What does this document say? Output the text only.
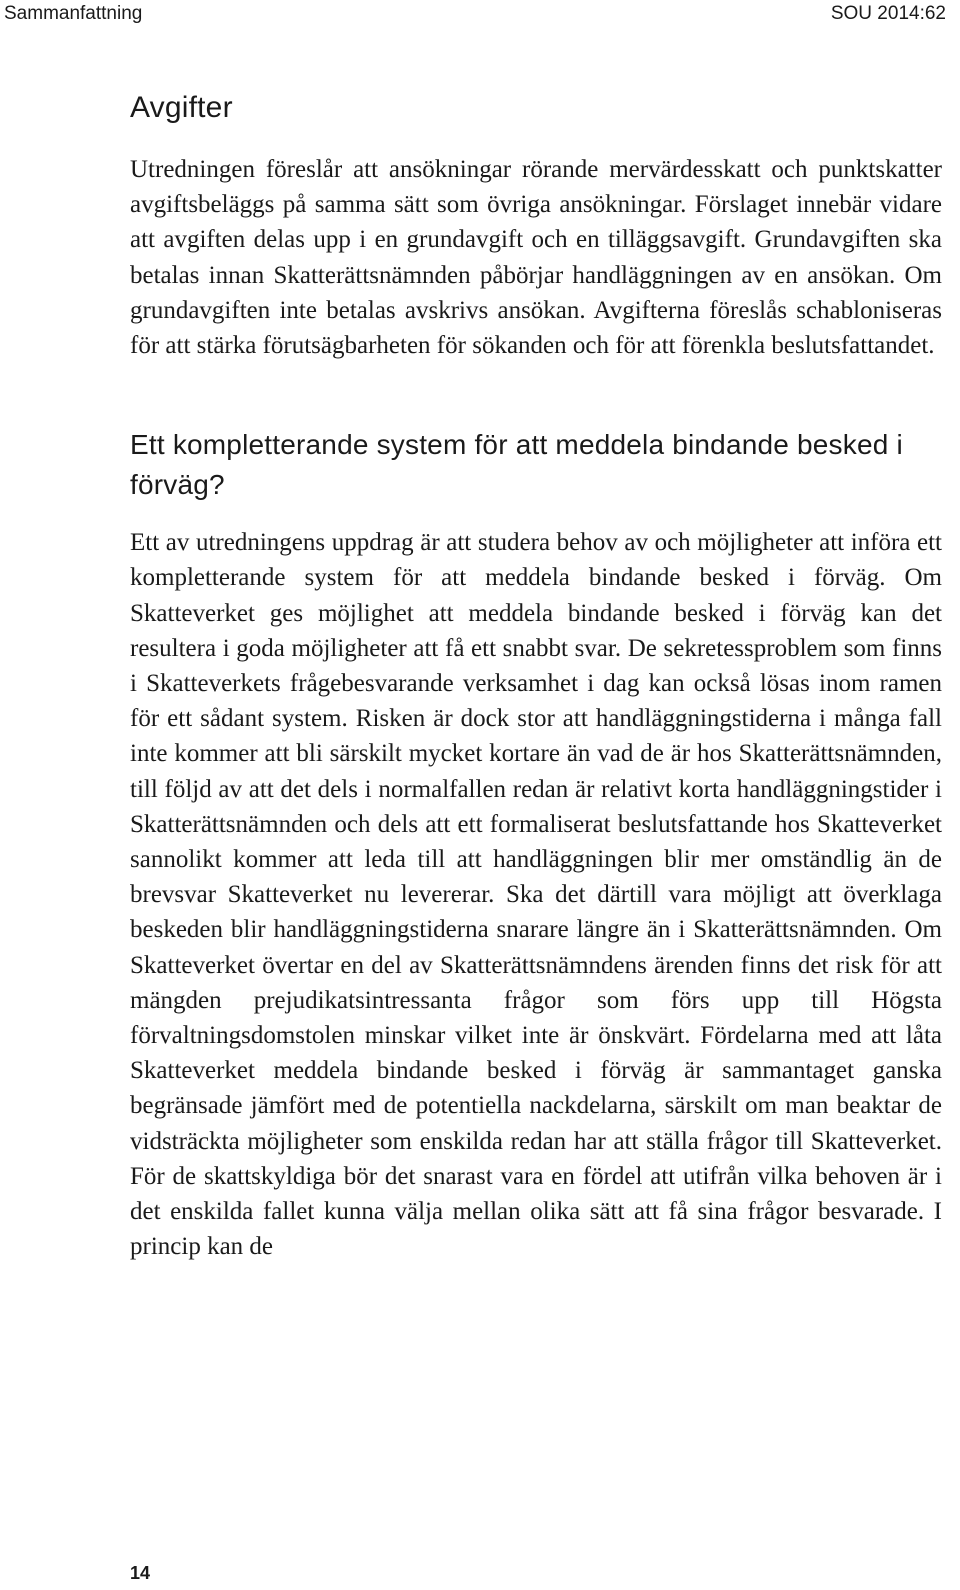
Sammanfattning	SOU 2014:62
Avgifter

Utredningen föreslår att ansökningar rörande mervärdesskatt och punktskatter avgiftsbeläggs på samma sätt som övriga ansökningar. Förslaget innebär vidare att avgiften delas upp i en grundavgift och en tilläggsavgift. Grundavgiften ska betalas innan Skatterättsnämnden påbörjar handläggningen av en ansökan. Om grundavgiften inte betalas avskrivs ansökan. Avgifterna föreslås schabloniseras för att stärka förutsägbarheten för sökanden och för att förenkla beslutsfattandet.

Ett kompletterande system för att meddela bindande besked i förväg?

Ett av utredningens uppdrag är att studera behov av och möjligheter att införa ett kompletterande system för att meddela bindande besked i förväg. Om Skatteverket ges möjlighet att meddela bindande besked i förväg kan det resultera i goda möjligheter att få ett snabbt svar. De sekretessproblem som finns i Skatteverkets frågebesvarande verksamhet i dag kan också lösas inom ramen för ett sådant system. Risken är dock stor att handläggningstiderna i många fall inte kommer att bli särskilt mycket kortare än vad de är hos Skatterättsnämnden, till följd av att det dels i normalfallen redan är relativt korta handläggningstider i Skatterättsnämnden och dels att ett formaliserat beslutsfattande hos Skatteverket sannolikt kommer att leda till att handläggningen blir mer omständlig än de brevsvar Skatteverket nu levererar. Ska det därtill vara möjligt att överklaga beskeden blir handläggningstiderna snarare längre än i Skatterättsnämnden. Om Skatteverket övertar en del av Skatterättsnämndens ärenden finns det risk för att mängden prejudikatsintressanta frågor som förs upp till Högsta förvaltningsdomstolen minskar vilket inte är önskvärt. Fördelarna med att låta Skatteverket meddela bindande besked i förväg är sammantaget ganska begränsade jämfört med de potentiella nackdelarna, särskilt om man beaktar de vidsträckta möjligheter som enskilda redan har att ställa frågor till Skatteverket. För de skattskyldiga bör det snarast vara en fördel att utifrån vilka behoven är i det enskilda fallet kunna välja mellan olika sätt att få sina frågor besvarade. I princip kan de

14
